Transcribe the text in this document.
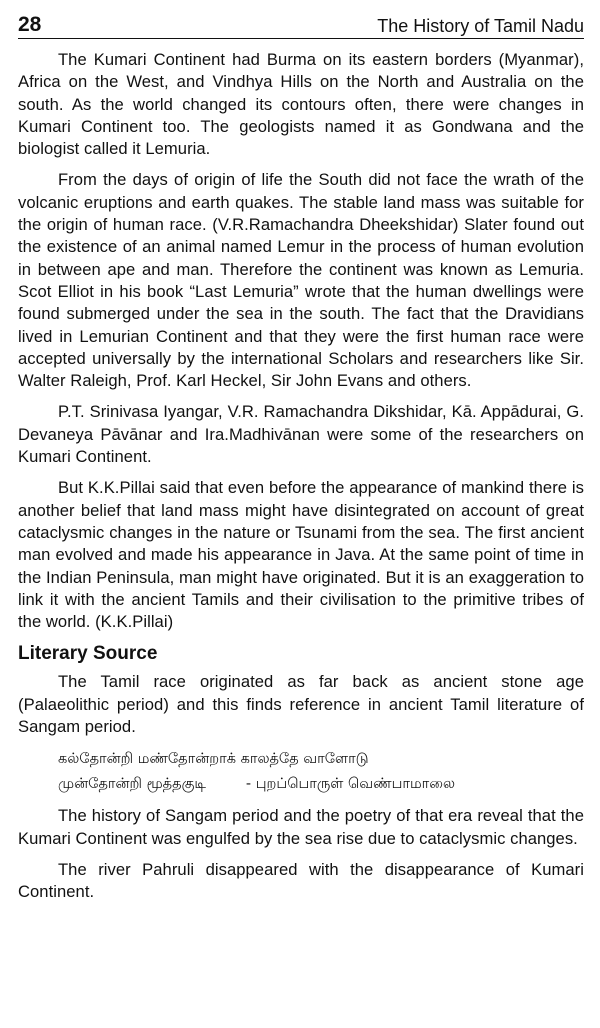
28	The History of Tamil Nadu

The Kumari Continent had Burma on its eastern borders (Myanmar), Africa on the West, and Vindhya Hills on the North and Australia on the south. As the world changed its contours often, there were changes in Kumari Continent too. The geologists named it as Gondwana and the biologist called it Lemuria.

From the days of origin of life the South did not face the wrath of the volcanic eruptions and earth quakes. The stable land mass was suitable for the origin of human race. (V.R.Ramachandra Dheekshidar) Slater found out the existence of an animal named Lemur in the process of human evolution in between ape and man. Therefore the continent was known as Lemuria. Scot Elliot in his book “Last Lemuria” wrote that the human dwellings were found submerged under the sea in the south. The fact that the Dravidians lived in Lemurian Continent and that they were the first human race were accepted universally by the international Scholars and researchers like Sir. Walter Raleigh, Prof. Karl Heckel, Sir John Evans and others.

P.T. Srinivasa Iyangar, V.R. Ramachandra Dikshidar, Kā. Appādurai, G. Devaneya Pāvānar and Ira.Madhivānan were some of the researchers on Kumari Continent.

But K.K.Pillai said that even before the appearance of mankind there is another belief that land mass might have disintegrated on account of great cataclysmic changes in the nature or Tsunami from the sea. The first ancient man evolved and made his appearance in Java. At the same point of time in the Indian Peninsula, man might have originated. But it is an exaggeration to link it with the ancient Tamils and their civilisation to the primitive tribes of the world. (K.K.Pillai)

Literary Source

The Tamil race originated as far back as ancient stone age (Palaeolithic period) and this finds reference in ancient Tamil literature of Sangam period.

கல்தோன்றி மண்தோன்றாக் காலத்தே வாளோடு
முன்தோன்றி மூத்தகுடி	- புறப்பொருள் வெண்பாமாலை

The history of Sangam period and the poetry of that era reveal that the Kumari Continent was engulfed by the sea rise due to cataclysmic changes.

The river Pahruli disappeared with the disappearance of Kumari Continent.
